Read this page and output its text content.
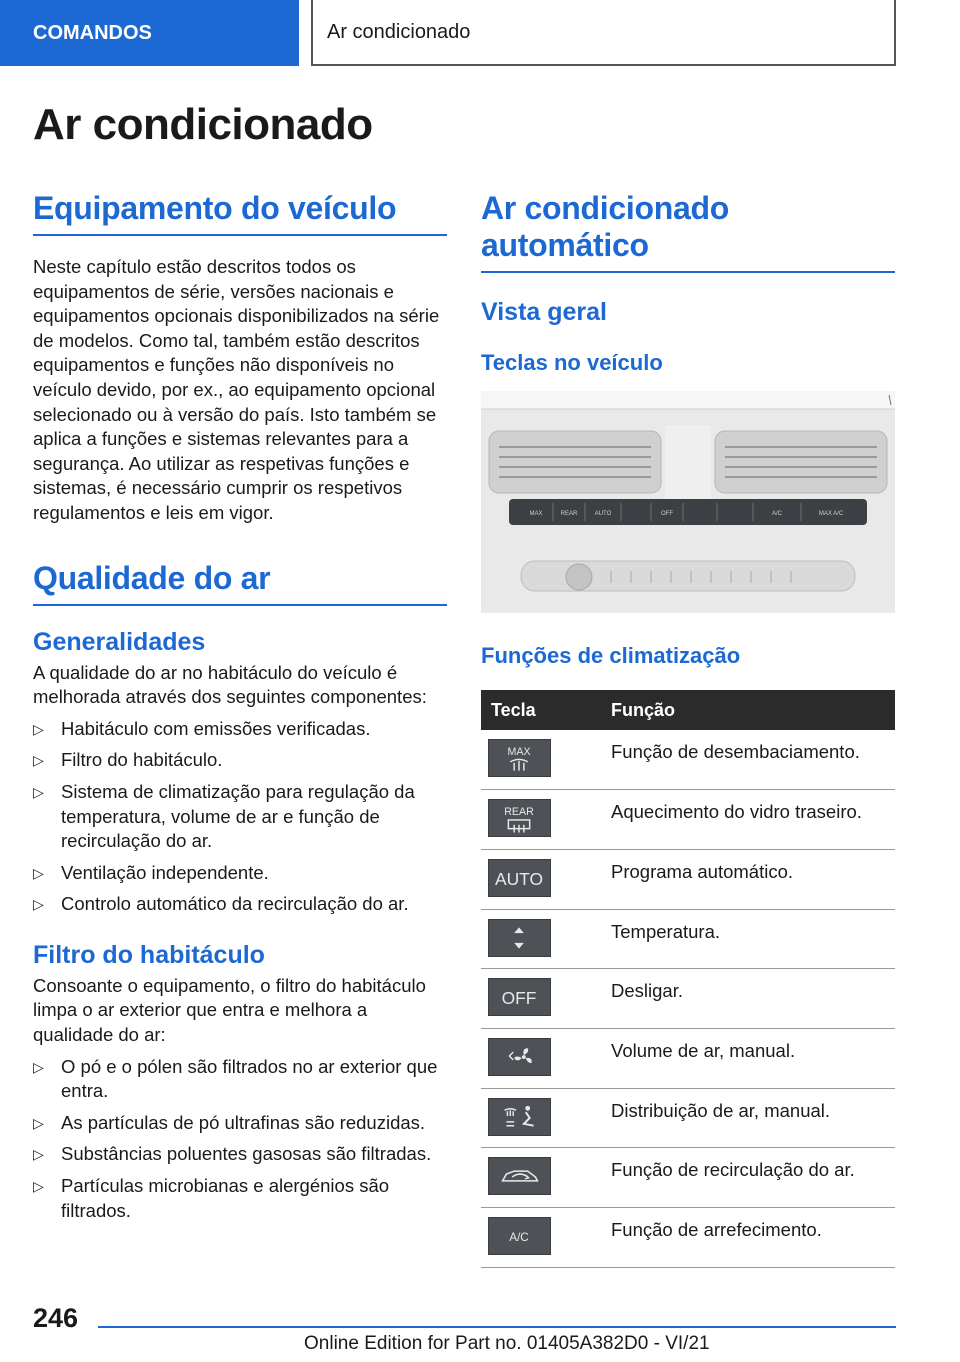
COMANDOS	Ar condicionado
Ar condicionado
Equipamento do veículo

Neste capítulo estão descritos todos os equipamentos de série, versões nacionais e equipamentos opcionais disponibilizados na série de modelos. Como tal, também estão descritos equipamentos e funções não disponíveis no veículo devido, por ex., ao equipamento opcional selecionado ou à versão do país. Isto também se aplica a funções e sistemas relevantes para a segurança. Ao utilizar as respetivas funções e sistemas, é necessário cumprir os respetivos regulamentos e leis em vigor.

Qualidade do ar
Generalidades

A qualidade do ar no habitáculo do veículo é melhorada através dos seguintes componentes:

▷ Habitáculo com emissões verificadas.
▷ Filtro do habitáculo.
▷ Sistema de climatização para regulação da temperatura, volume de ar e função de recirculação do ar.
▷ Ventilação independente.
▷ Controlo automático da recirculação do ar.
Filtro do habitáculo

Consoante o equipamento, o filtro do habitáculo limpa o ar exterior que entra e melhora a qualidade do ar:

▷ O pó e o pólen são filtrados no ar exterior que entra.
▷ As partículas de pó ultrafinas são reduzidas.
▷ Substâncias poluentes gasosas são filtradas.
▷ Partículas microbianas e alergénios são filtrados.
Ar condicionado automático
Vista geral
Teclas no veículo
MAX	REAR	AUTO	OFF	A/C	MAX A/C
Funções de climatização
Tecla	Função

MAX	Função de desembaciamento.

REAR	Aquecimento do vidro traseiro.

AUTO	Programa automático.

	Temperatura.

OFF	Desligar.

	Volume de ar, manual.

	Distribuição de ar, manual.

	Função de recirculação do ar.

A/C	Função de arrefecimento.
246
Online Edition for Part no. 01405A382D0 - VI/21
